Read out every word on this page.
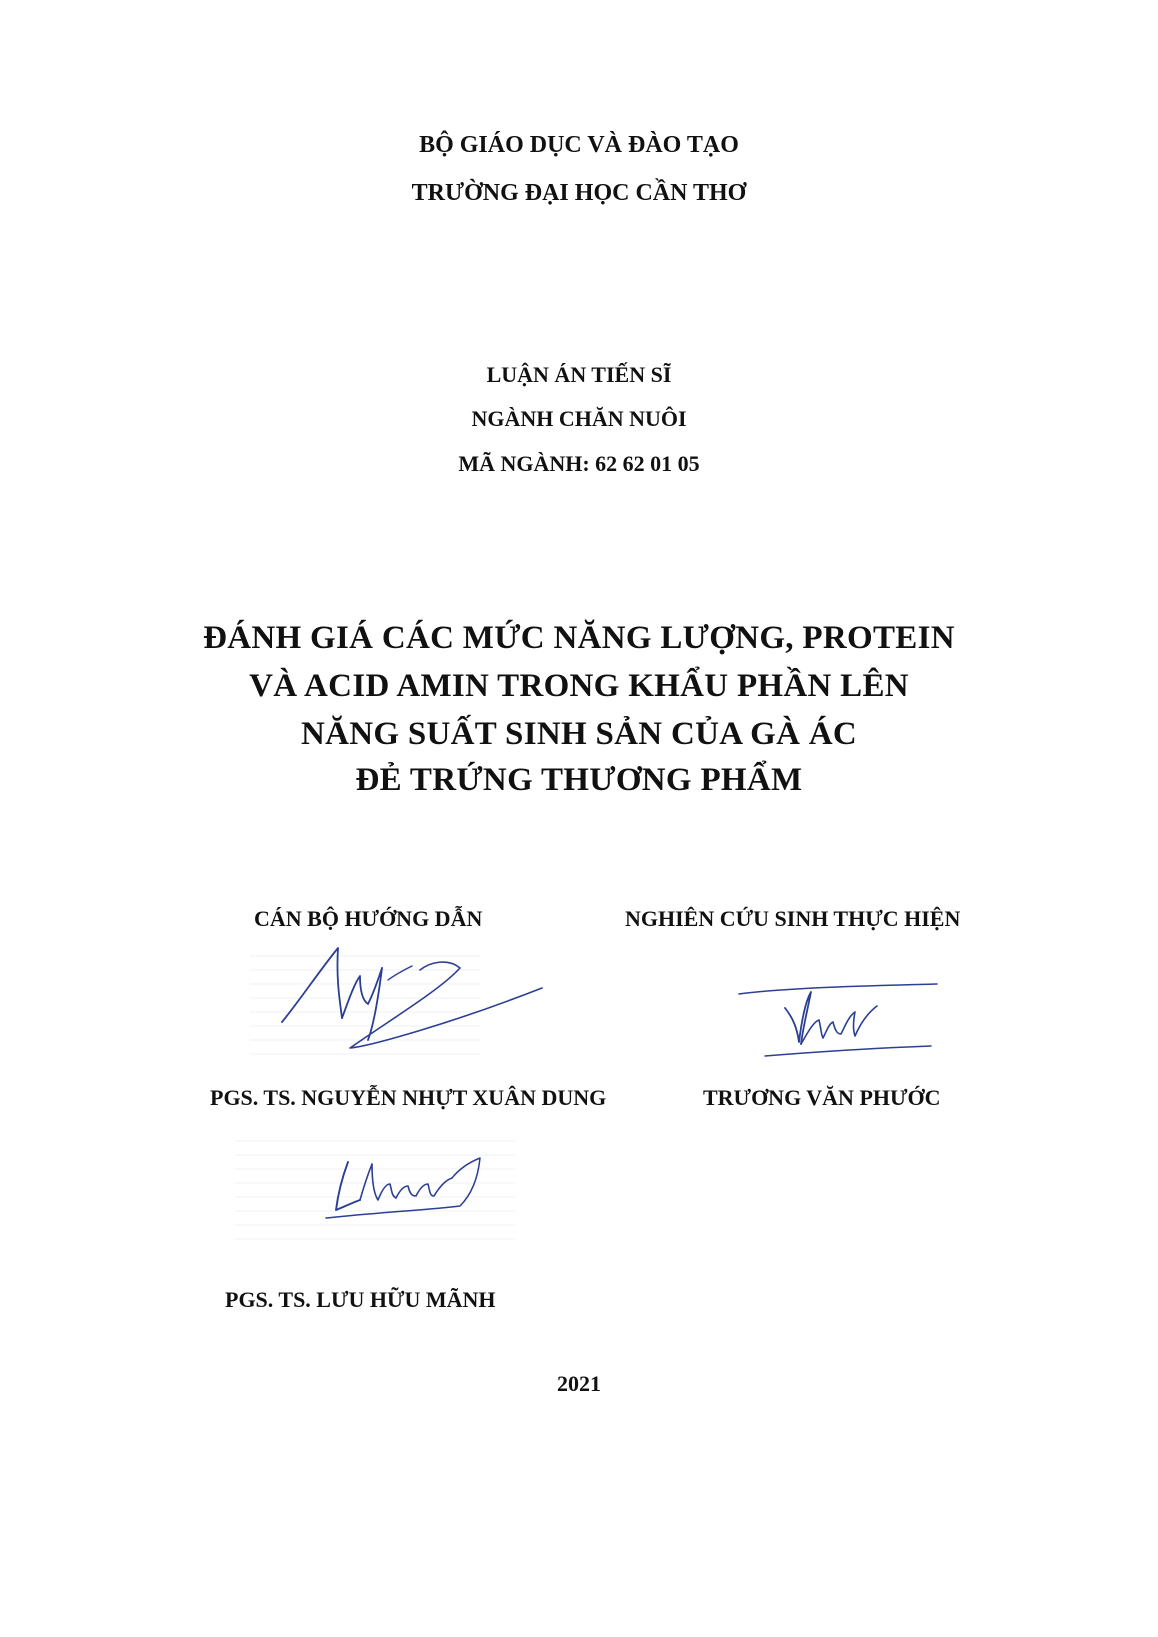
BỘ GIÁO DỤC VÀ ĐÀO TẠO
TRƯỜNG ĐẠI HỌC CẦN THƠ
LUẬN ÁN TIẾN SĨ
NGÀNH CHĂN NUÔI
MÃ NGÀNH: 62 62 01 05
ĐÁNH GIÁ CÁC MỨC NĂNG LƯỢNG, PROTEIN
VÀ ACID AMIN TRONG KHẨU PHẦN LÊN
NĂNG SUẤT SINH SẢN CỦA GÀ ÁC
ĐẺ TRỨNG THƯƠNG PHẨM
CÁN BỘ HƯỚNG DẪN	NGHIÊN CỨU SINH THỰC HIỆN
PGS. TS. NGUYỄN NHỰT XUÂN DUNG	TRƯƠNG VĂN PHƯỚC
PGS. TS. LƯU HỮU MÃNH
2021
